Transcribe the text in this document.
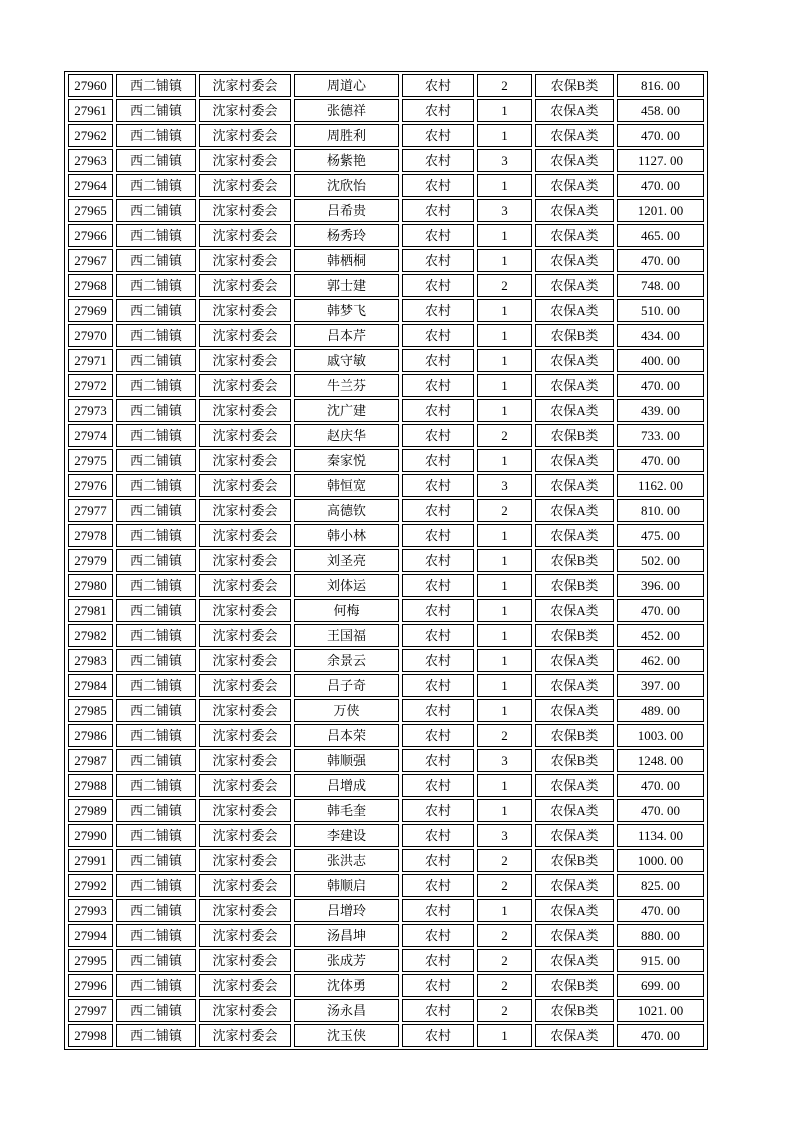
27960	西二铺镇	沈家村委会	周道心	农村	2	农保B类	816. 00
27961	西二铺镇	沈家村委会	张德祥	农村	1	农保A类	458. 00
27962	西二铺镇	沈家村委会	周胜利	农村	1	农保A类	470. 00
27963	西二铺镇	沈家村委会	杨紫艳	农村	3	农保A类	1127. 00
27964	西二铺镇	沈家村委会	沈欣怡	农村	1	农保A类	470. 00
27965	西二铺镇	沈家村委会	吕希贵	农村	3	农保A类	1201. 00
27966	西二铺镇	沈家村委会	杨秀玲	农村	1	农保A类	465. 00
27967	西二铺镇	沈家村委会	韩栖桐	农村	1	农保A类	470. 00
27968	西二铺镇	沈家村委会	郭士建	农村	2	农保A类	748. 00
27969	西二铺镇	沈家村委会	韩梦飞	农村	1	农保A类	510. 00
27970	西二铺镇	沈家村委会	吕本芹	农村	1	农保B类	434. 00
27971	西二铺镇	沈家村委会	戚守敏	农村	1	农保A类	400. 00
27972	西二铺镇	沈家村委会	牛兰芬	农村	1	农保A类	470. 00
27973	西二铺镇	沈家村委会	沈广建	农村	1	农保A类	439. 00
27974	西二铺镇	沈家村委会	赵庆华	农村	2	农保B类	733. 00
27975	西二铺镇	沈家村委会	秦家悦	农村	1	农保A类	470. 00
27976	西二铺镇	沈家村委会	韩恒宽	农村	3	农保A类	1162. 00
27977	西二铺镇	沈家村委会	高德钦	农村	2	农保A类	810. 00
27978	西二铺镇	沈家村委会	韩小林	农村	1	农保A类	475. 00
27979	西二铺镇	沈家村委会	刘圣亮	农村	1	农保B类	502. 00
27980	西二铺镇	沈家村委会	刘体运	农村	1	农保B类	396. 00
27981	西二铺镇	沈家村委会	何梅	农村	1	农保A类	470. 00
27982	西二铺镇	沈家村委会	王国福	农村	1	农保B类	452. 00
27983	西二铺镇	沈家村委会	余景云	农村	1	农保A类	462. 00
27984	西二铺镇	沈家村委会	吕子奇	农村	1	农保A类	397. 00
27985	西二铺镇	沈家村委会	万侠	农村	1	农保A类	489. 00
27986	西二铺镇	沈家村委会	吕本荣	农村	2	农保B类	1003. 00
27987	西二铺镇	沈家村委会	韩顺强	农村	3	农保B类	1248. 00
27988	西二铺镇	沈家村委会	吕增成	农村	1	农保A类	470. 00
27989	西二铺镇	沈家村委会	韩毛奎	农村	1	农保A类	470. 00
27990	西二铺镇	沈家村委会	李建设	农村	3	农保A类	1134. 00
27991	西二铺镇	沈家村委会	张洪志	农村	2	农保B类	1000. 00
27992	西二铺镇	沈家村委会	韩顺启	农村	2	农保A类	825. 00
27993	西二铺镇	沈家村委会	吕增玲	农村	1	农保A类	470. 00
27994	西二铺镇	沈家村委会	汤昌坤	农村	2	农保A类	880. 00
27995	西二铺镇	沈家村委会	张成芳	农村	2	农保A类	915. 00
27996	西二铺镇	沈家村委会	沈体勇	农村	2	农保B类	699. 00
27997	西二铺镇	沈家村委会	汤永昌	农村	2	农保B类	1021. 00
27998	西二铺镇	沈家村委会	沈玉侠	农村	1	农保A类	470. 00
